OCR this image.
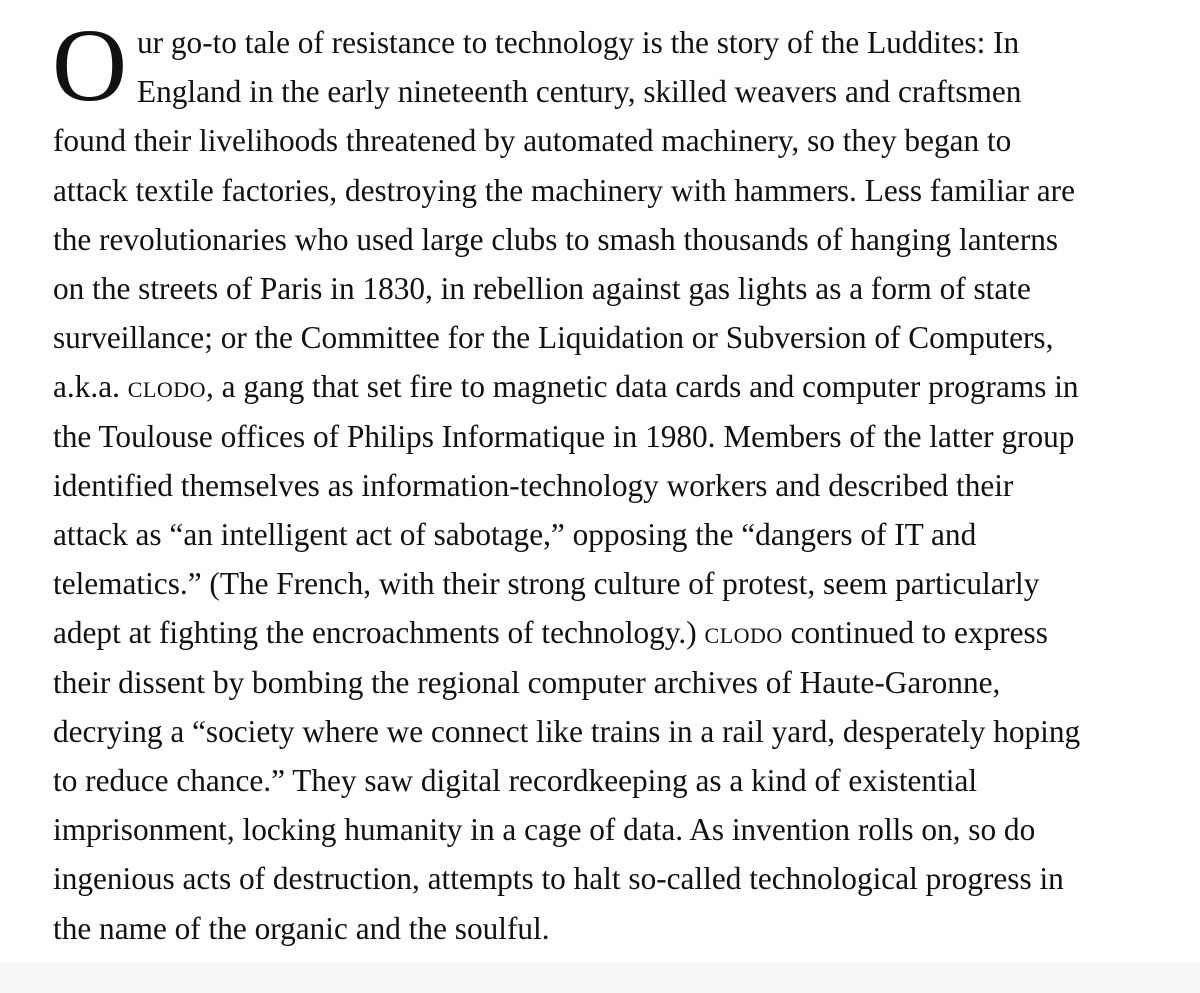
O ur go-to tale of resistance to technology is the story of the Luddites: In
England in the early nineteenth century, skilled weavers and craftsmen
found their livelihoods threatened by automated machinery, so they began to
attack textile factories, destroying the machinery with hammers. Less familiar are
the revolutionaries who used large clubs to smash thousands of hanging lanterns
on the streets of Paris in 1830, in rebellion against gas lights as a form of state
surveillance; or the Committee for the Liquidation or Subversion of Computers,
a.k.a. clodo, a gang that set fire to magnetic data cards and computer programs in
the Toulouse offices of Philips Informatique in 1980. Members of the latter group
identified themselves as information-technology workers and described their
attack as “an intelligent act of sabotage,” opposing the “dangers of IT and
telematics.” (The French, with their strong culture of protest, seem particularly
adept at fighting the encroachments of technology.) clodo continued to express
their dissent by bombing the regional computer archives of Haute-Garonne,
decrying a “society where we connect like trains in a rail yard, desperately hoping
to reduce chance.” They saw digital recordkeeping as a kind of existential
imprisonment, locking humanity in a cage of data. As invention rolls on, so do
ingenious acts of destruction, attempts to halt so-called technological progress in
the name of the organic and the soulful.
